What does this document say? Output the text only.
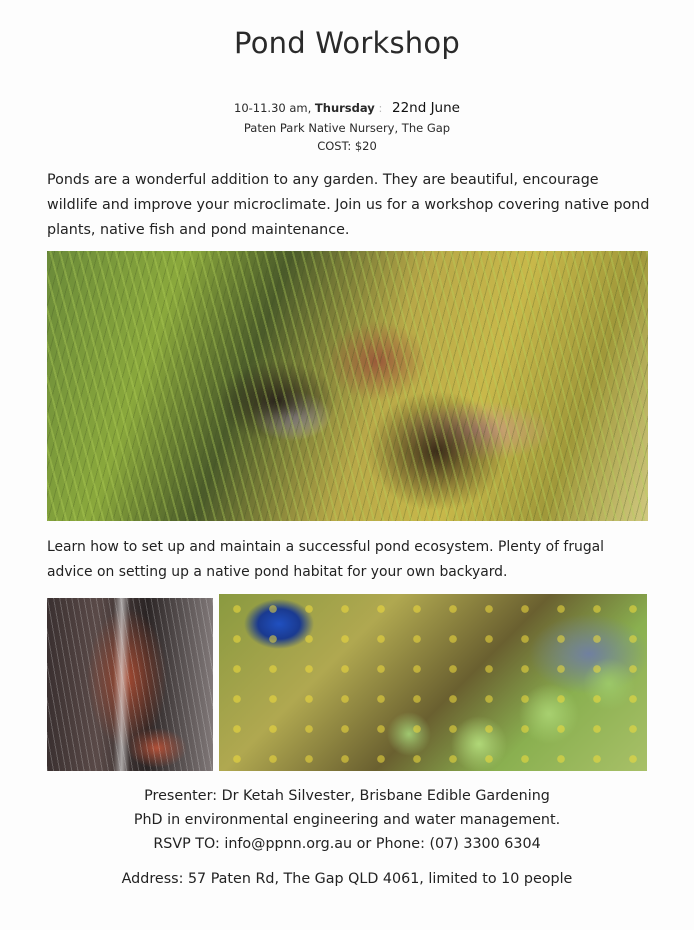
Pond Workshop
10-11.30 am, Thursday : 22nd June
Paten Park Native Nursery, The Gap
COST: $20
Ponds are a wonderful addition to any garden. They are beautiful, encourage wildlife and improve your microclimate. Join us for a workshop covering native pond plants, native fish and pond maintenance.
Learn how to set up and maintain a successful pond ecosystem. Plenty of frugal advice on setting up a native pond habitat for your own backyard.
Presenter: Dr Ketah Silvester, Brisbane Edible Gardening
PhD in environmental engineering and water management.
RSVP TO: info@ppnn.org.au or Phone: (07) 3300 6304
Address: 57 Paten Rd, The Gap QLD 4061, limited to 10 people
